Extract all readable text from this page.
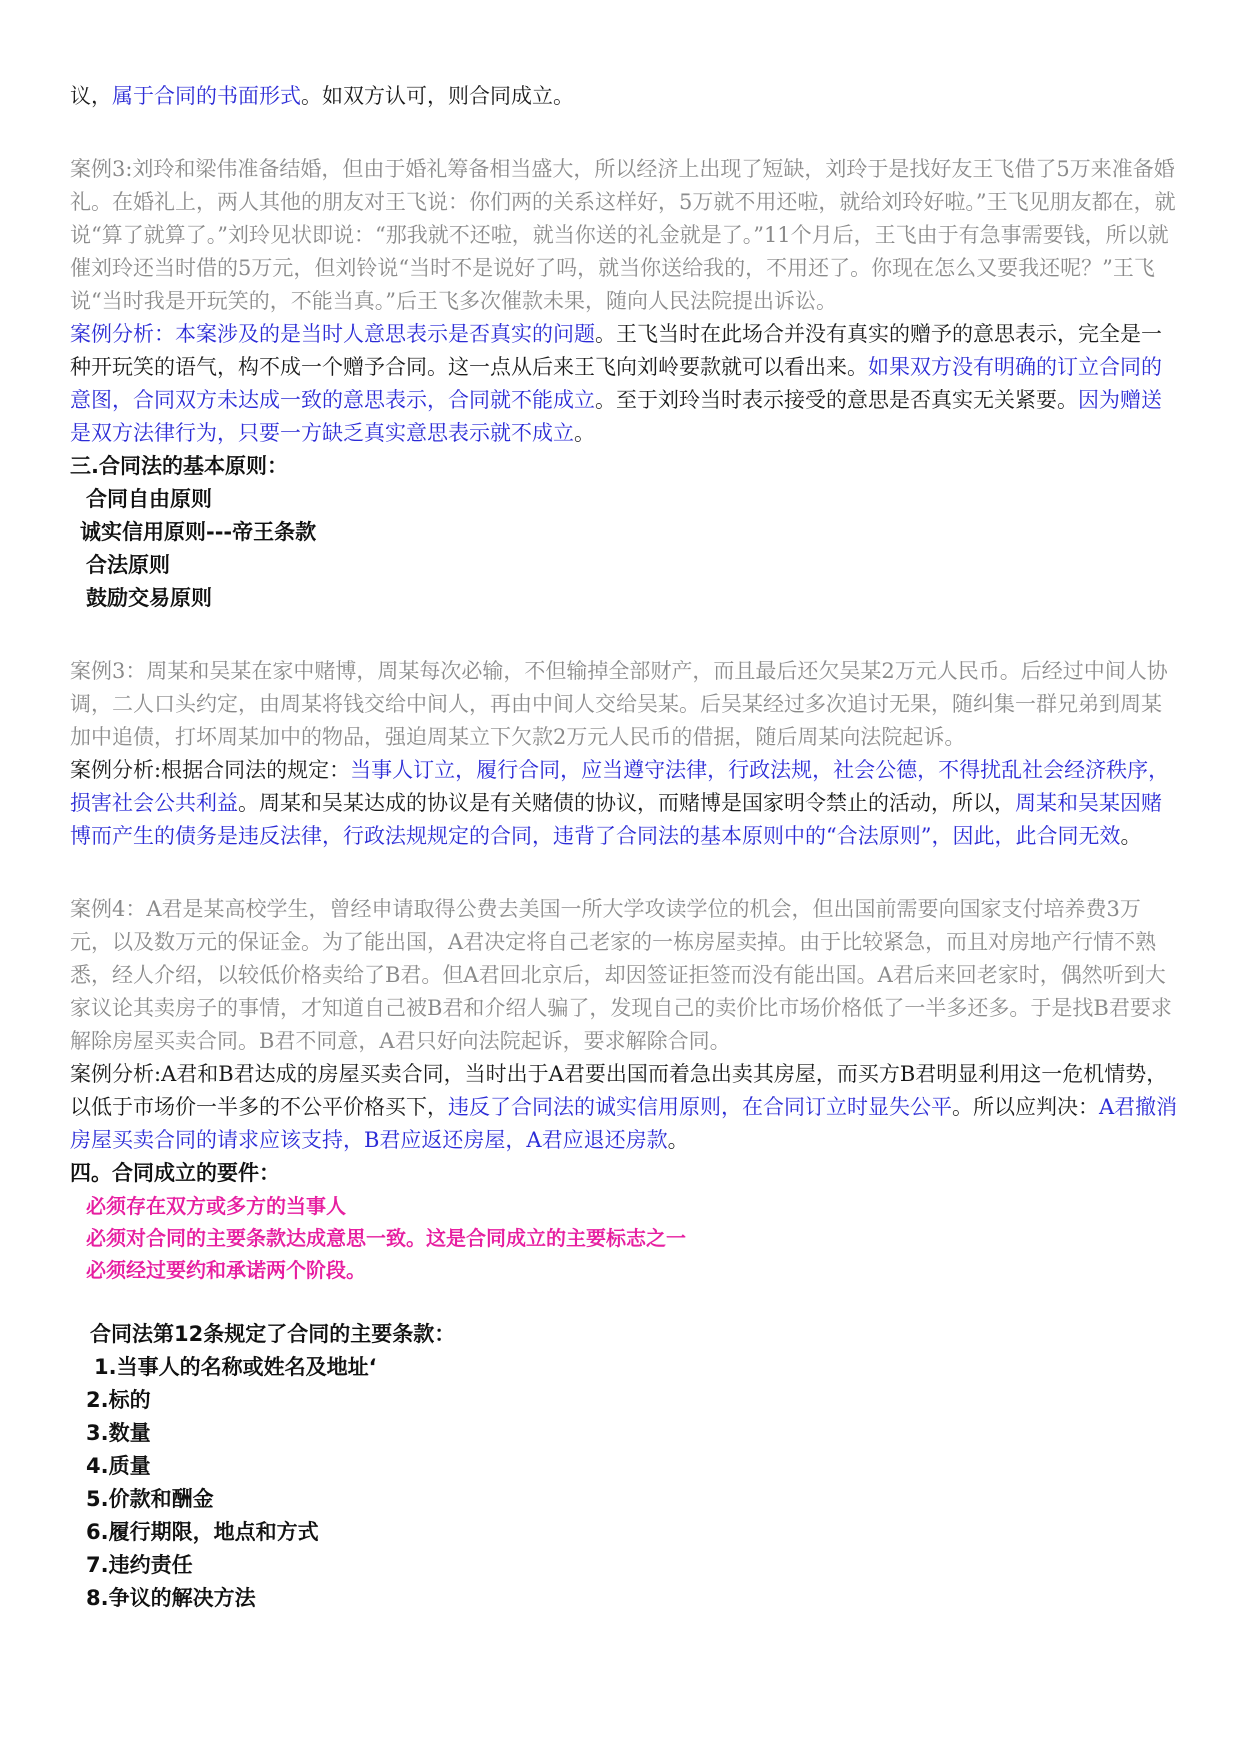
议，属于合同的书面形式。如双方认可，则合同成立。

案例3:刘玲和梁伟准备结婚，但由于婚礼筹备相当盛大，所以经济上出现了短缺，刘玲于是找好友王飞借了5万来准备婚礼。在婚礼上，两人其他的朋友对王飞说：你们两的关系这样好，5万就不用还啦，就给刘玲好啦。”王飞见朋友都在，就说“算了就算了。”刘玲见状即说：“那我就不还啦，就当你送的礼金就是了。”11个月后，王飞由于有急事需要钱，所以就催刘玲还当时借的5万元，但刘铃说“当时不是说好了吗，就当你送给我的，不用还了。你现在怎么又要我还呢？”王飞说“当时我是开玩笑的，不能当真。”后王飞多次催款未果，随向人民法院提出诉讼。

案例分析：本案涉及的是当时人意思表示是否真实的问题。王飞当时在此场合并没有真实的赠予的意思表示，完全是一种开玩笑的语气，构不成一个赠予合同。这一点从后来王飞向刘岭要款就可以看出来。如果双方没有明确的订立合同的意图，合同双方未达成一致的意思表示，合同就不能成立。至于刘玲当时表示接受的意思是否真实无关紧要。因为赠送是双方法律行为，只要一方缺乏真实意思表示就不成立。

三.合同法的基本原则：

合同自由原则

诚实信用原则---帝王条款

合法原则

鼓励交易原则

案例3：周某和吴某在家中赌博，周某每次必输，不但输掉全部财产，而且最后还欠吴某2万元人民币。后经过中间人协调，二人口头约定，由周某将钱交给中间人，再由中间人交给吴某。后吴某经过多次追讨无果，随纠集一群兄弟到周某加中追债，打坏周某加中的物品，强迫周某立下欠款2万元人民币的借据，随后周某向法院起诉。

案例分析:根据合同法的规定：当事人订立，履行合同，应当遵守法律，行政法规，社会公德，不得扰乱社会经济秩序，损害社会公共利益。周某和吴某达成的协议是有关赌债的协议，而赌博是国家明令禁止的活动，所以，周某和吴某因赌博而产生的债务是违反法律，行政法规规定的合同，违背了合同法的基本原则中的“合法原则”，因此，此合同无效。

案例4：A君是某高校学生，曾经申请取得公费去美国一所大学攻读学位的机会，但出国前需要向国家支付培养费3万元，以及数万元的保证金。为了能出国，A君决定将自己老家的一栋房屋卖掉。由于比较紧急，而且对房地产行情不熟悉，经人介绍，以较低价格卖给了B君。但A君回北京后，却因签证拒签而没有能出国。A君后来回老家时，偶然听到大家议论其卖房子的事情，才知道自己被B君和介绍人骗了，发现自己的卖价比市场价格低了一半多还多。于是找B君要求解除房屋买卖合同。B君不同意，A君只好向法院起诉，要求解除合同。

案例分析:A君和B君达成的房屋买卖合同，当时出于A君要出国而着急出卖其房屋，而买方B君明显利用这一危机情势，以低于市场价一半多的不公平价格买下，违反了合同法的诚实信用原则，在合同订立时显失公平。所以应判决：A君撤消房屋买卖合同的请求应该支持，B君应返还房屋，A君应退还房款。

四。合同成立的要件：

必须存在双方或多方的当事人

必须对合同的主要条款达成意思一致。这是合同成立的主要标志之一

必须经过要约和承诺两个阶段。

合同法第12条规定了合同的主要条款：

1.当事人的名称或姓名及地址‘

2.标的

3.数量

4.质量

5.价款和酬金

6.履行期限，地点和方式

7.违约责任

8.争议的解决方法
